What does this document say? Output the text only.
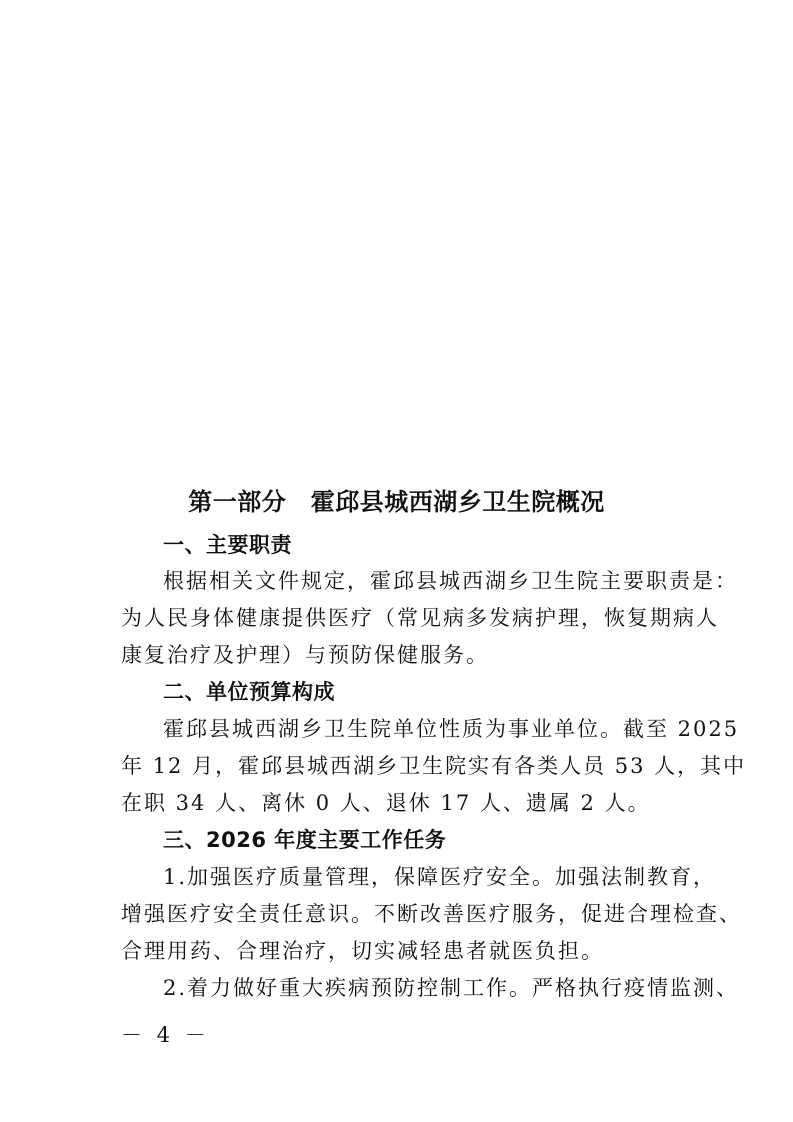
第一部分　霍邱县城西湖乡卫生院概况
一、主要职责
根据相关文件规定，霍邱县城西湖乡卫生院主要职责是：
为人民身体健康提供医疗（常见病多发病护理，恢复期病人
康复治疗及护理）与预防保健服务。
二、单位预算构成
霍邱县城西湖乡卫生院单位性质为事业单位。截至 2025
年 12 月，霍邱县城西湖乡卫生院实有各类人员 53 人，其中
在职 34 人、离休 0 人、退休 17 人、遗属 2 人。
三、2026 年度主要工作任务
1.加强医疗质量管理，保障医疗安全。加强法制教育，
增强医疗安全责任意识。不断改善医疗服务，促进合理检查、
合理用药、合理治疗，切实减轻患者就医负担。
2.着力做好重大疾病预防控制工作。严格执行疫情监测、
－ 4 －
